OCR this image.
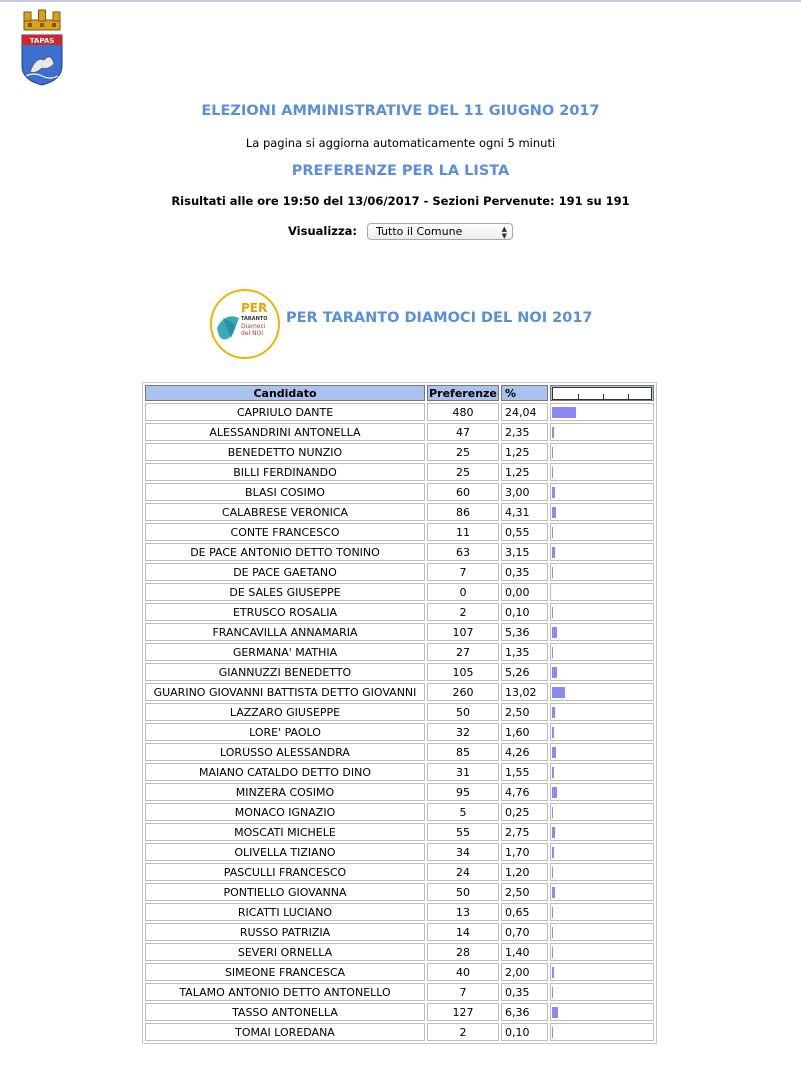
TAPAS
ELEZIONI AMMINISTRATIVE DEL 11 GIUGNO 2017
La pagina si aggiorna automaticamente ogni 5 minuti
PREFERENZE PER LA LISTA
Risultati alle ore 19:50 del 13/06/2017 - Sezioni Pervenute: 191 su 191
Visualizza: Tutto il Comune	▲
▼
PER
TARANTO
Diamoci
del NOI
PER TARANTO DIAMOCI DEL NOI 2017
Candidato	Preferenze	%	

CAPRIULO DANTE	480	24,04	
ALESSANDRINI ANTONELLA	47	2,35	
BENEDETTO NUNZIO	25	1,25	
BILLI FERDINANDO	25	1,25	
BLASI COSIMO	60	3,00	
CALABRESE VERONICA	86	4,31	
CONTE FRANCESCO	11	0,55	
DE PACE ANTONIO DETTO TONINO	63	3,15	
DE PACE GAETANO	7	0,35	
DE SALES GIUSEPPE	0	0,00	
ETRUSCO ROSALIA	2	0,10	
FRANCAVILLA ANNAMARIA	107	5,36	
GERMANA' MATHIA	27	1,35	
GIANNUZZI BENEDETTO	105	5,26	
GUARINO GIOVANNI BATTISTA DETTO GIOVANNI	260	13,02	
LAZZARO GIUSEPPE	50	2,50	
LORE' PAOLO	32	1,60	
LORUSSO ALESSANDRA	85	4,26	
MAIANO CATALDO DETTO DINO	31	1,55	
MINZERA COSIMO	95	4,76	
MONACO IGNAZIO	5	0,25	
MOSCATI MICHELE	55	2,75	
OLIVELLA TIZIANO	34	1,70	
PASCULLI FRANCESCO	24	1,20	
PONTIELLO GIOVANNA	50	2,50	
RICATTI LUCIANO	13	0,65	
RUSSO PATRIZIA	14	0,70	
SEVERI ORNELLA	28	1,40	
SIMEONE FRANCESCA	40	2,00	
TALAMO ANTONIO DETTO ANTONELLO	7	0,35	
TASSO ANTONELLA	127	6,36	
TOMAI LOREDANA	2	0,10	
